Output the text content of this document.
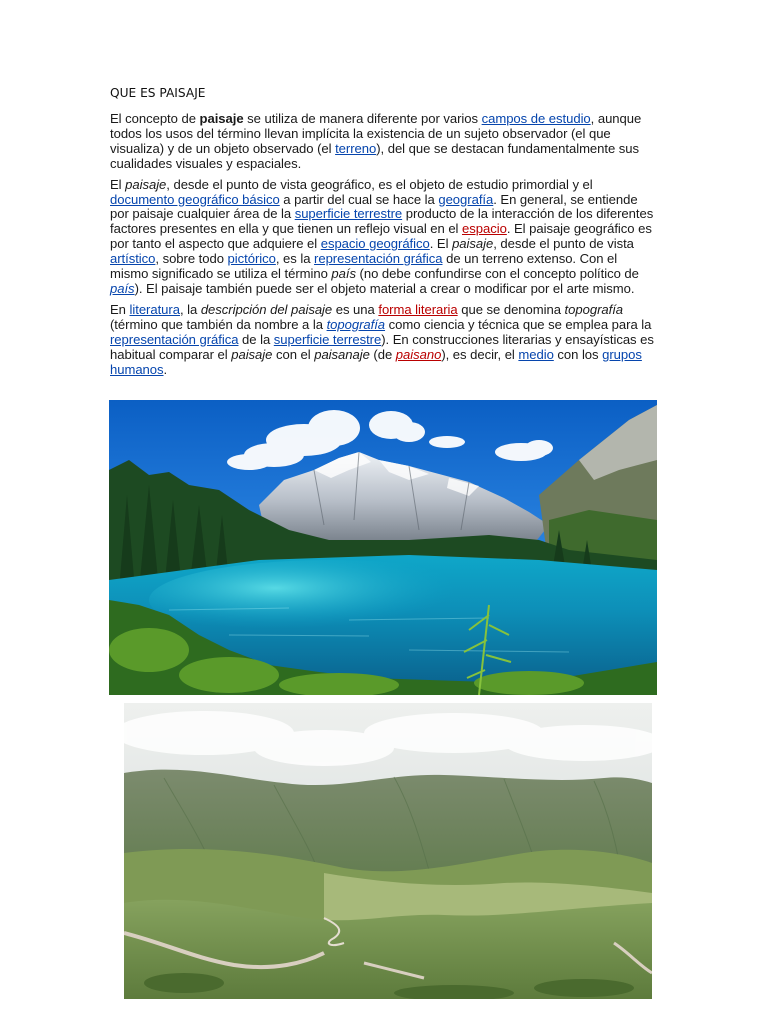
QUE ES PAISAJE

El concepto de paisaje se utiliza de manera diferente por varios campos de estudio, aunque todos los usos del término llevan implícita la existencia de un sujeto observador (el que visualiza) y de un objeto observado (el terreno), del que se destacan fundamentalmente sus cualidades visuales y espaciales.

El paisaje, desde el punto de vista geográfico, es el objeto de estudio primordial y el documento geográfico básico a partir del cual se hace la geografía. En general, se entiende por paisaje cualquier área de la superficie terrestre producto de la interacción de los diferentes factores presentes en ella y que tienen un reflejo visual en el espacio. El paisaje geográfico es por tanto el aspecto que adquiere el espacio geográfico. El paisaje, desde el punto de vista artístico, sobre todo pictórico, es la representación gráfica de un terreno extenso. Con el mismo significado se utiliza el término país (no debe confundirse con el concepto político de país). El paisaje también puede ser el objeto material a crear o modificar por el arte mismo.

En literatura, la descripción del paisaje es una forma literaria que se denomina topografía (término que también da nombre a la topografía como ciencia y técnica que se emplea para la representación gráfica de la superficie terrestre). En construcciones literarias y ensayísticas es habitual comparar el paisaje con el paisanaje (de paisano), es decir, el medio con los grupos humanos.
